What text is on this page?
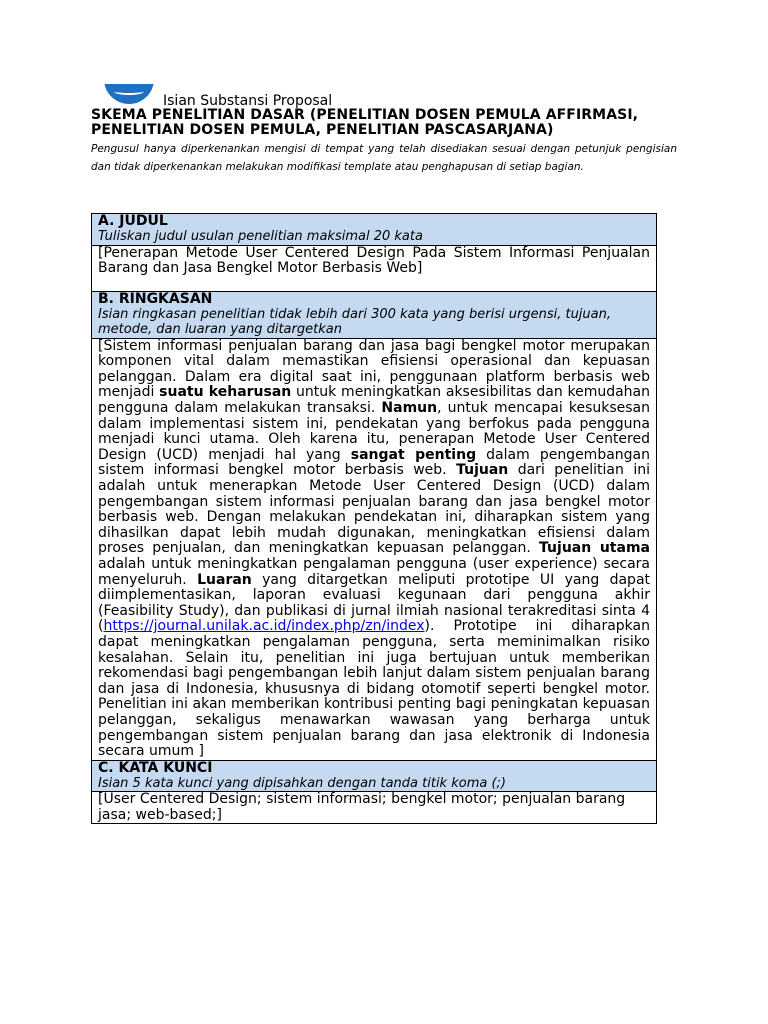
Isian Substansi Proposal
SKEMA PENELITIAN DASAR (PENELITIAN DOSEN PEMULA AFFIRMASI, PENELITIAN DOSEN PEMULA, PENELITIAN PASCASARJANA)
Pengusul hanya diperkenankan mengisi di tempat yang telah disediakan sesuai dengan petunjuk pengisian dan tidak diperkenankan melakukan modifikasi template atau penghapusan di setiap bagian.
A. JUDUL
Tuliskan judul usulan penelitian maksimal 20 kata
[Penerapan Metode User Centered Design Pada Sistem Informasi Penjualan Barang dan Jasa Bengkel Motor Berbasis Web]
B. RINGKASAN
Isian ringkasan penelitian tidak lebih dari 300 kata yang berisi urgensi, tujuan, metode, dan luaran yang ditargetkan
[Sistem informasi penjualan barang dan jasa bagi bengkel motor merupakan komponen vital dalam memastikan efisiensi operasional dan kepuasan pelanggan. Dalam era digital saat ini, penggunaan platform berbasis web menjadi suatu keharusan untuk meningkatkan aksesibilitas dan kemudahan pengguna dalam melakukan transaksi. Namun, untuk mencapai kesuksesan dalam implementasi sistem ini, pendekatan yang berfokus pada pengguna menjadi kunci utama. Oleh karena itu, penerapan Metode User Centered Design (UCD) menjadi hal yang sangat penting dalam pengembangan sistem informasi bengkel motor berbasis web. Tujuan dari penelitian ini adalah untuk menerapkan Metode User Centered Design (UCD) dalam pengembangan sistem informasi penjualan barang dan jasa bengkel motor berbasis web. Dengan melakukan pendekatan ini, diharapkan sistem yang dihasilkan dapat lebih mudah digunakan, meningkatkan efisiensi dalam proses penjualan, dan meningkatkan kepuasan pelanggan. Tujuan utama adalah untuk meningkatkan pengalaman pengguna (user experience) secara menyeluruh. Luaran yang ditargetkan meliputi prototipe UI yang dapat diimplementasikan, laporan evaluasi kegunaan dari pengguna akhir (Feasibility Study), dan publikasi di jurnal ilmiah nasional terakreditasi sinta 4 (https://journal.unilak.ac.id/index.php/zn/index). Prototipe ini diharapkan dapat meningkatkan pengalaman pengguna, serta meminimalkan risiko kesalahan. Selain itu, penelitian ini juga bertujuan untuk memberikan rekomendasi bagi pengembangan lebih lanjut dalam sistem penjualan barang dan jasa di Indonesia, khususnya di bidang otomotif seperti bengkel motor. Penelitian ini akan memberikan kontribusi penting bagi peningkatan kepuasan pelanggan, sekaligus menawarkan wawasan yang berharga untuk pengembangan sistem penjualan barang dan jasa elektronik di Indonesia secara umum ]
C. KATA KUNCI
Isian 5 kata kunci yang dipisahkan dengan tanda titik koma (;)
[User Centered Design; sistem informasi; bengkel motor; penjualan barang jasa; web-based;]
